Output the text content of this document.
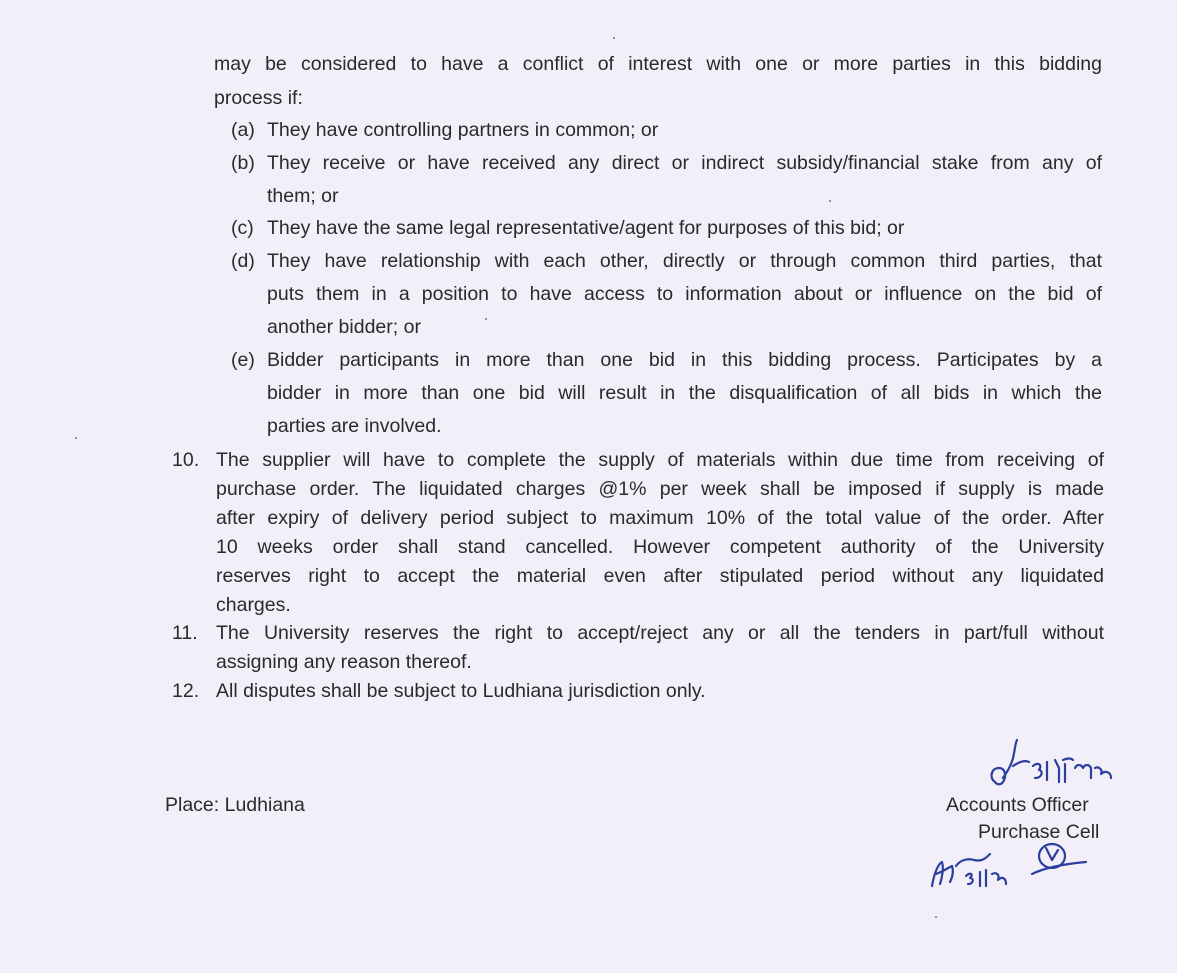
may be considered to have a conflict of interest with one or more parties in this bidding
process if:
(a) They have controlling partners in common; or
(b) They receive or have received any direct or indirect subsidy/financial stake from any of
them; or
(c) They have the same legal representative/agent for purposes of this bid; or
(d) They have relationship with each other, directly or through common third parties, that
puts them in a position to have access to information about or influence on the bid of
another bidder; or
(e) Bidder participants in more than one bid in this bidding process. Participates by a
bidder in more than one bid will result in the disqualification of all bids in which the
parties are involved.
10. The supplier will have to complete the supply of materials within due time from receiving of
purchase order. The liquidated charges @1% per week shall be imposed if supply is made
after expiry of delivery period subject to maximum 10% of the total value of the order. After
10 weeks order shall stand cancelled. However competent authority of the University
reserves right to accept the material even after stipulated period without any liquidated
charges.
11. The University reserves the right to accept/reject any or all the tenders in part/full without
assigning any reason thereof.
12. All disputes shall be subject to Ludhiana jurisdiction only.
Place: Ludhiana	Accounts Officer
Purchase Cell
